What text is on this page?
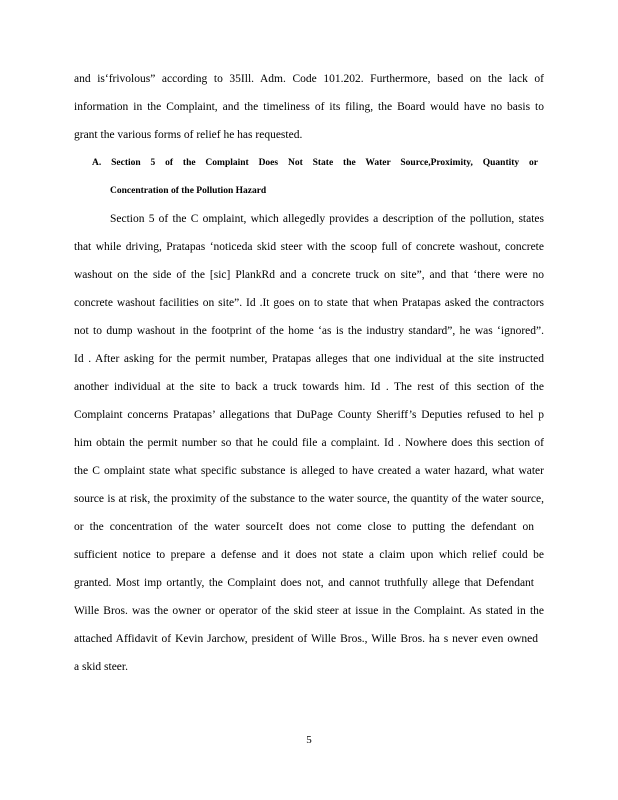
and is‘frivolous” according to 35Ill. Adm. Code 101.202. Furthermore, based on the lack of
information in the Complaint, and the timeliness of its filing, the Board would have no basis to
grant the various forms of relief he has requested.
A. Section 5 of the Complaint Does Not State the Water Source,Proximity, Quantity or
Concentration of the Pollution Hazard
Section 5 of the C omplaint, which allegedly provides a description of the pollution, states
that while driving, Pratapas ‘noticeda skid steer with the scoop full of concrete washout, concrete
washout on the side of the [sic] PlankRd and a concrete truck on site”, and that ‘there were no
concrete washout facilities on site”. Id .It goes on to state that when Pratapas asked the contractors
not to dump washout in the footprint of the home ‘as is the industry standard”, he was ‘ignored”.
Id . After asking for the permit number, Pratapas alleges that one individual at the site instructed
another individual at the site to back a truck towards him. Id . The rest of this section of the
Complaint concerns Pratapas’ allegations that DuPage County Sheriff’s Deputies refused to hel p
him obtain the permit number so that he could file a complaint. Id . Nowhere does this section of
the C omplaint state what specific substance is alleged to have created a water hazard, what water
source is at risk, the proximity of the substance to the water source, the quantity of the water source,
or the concentration of the water sourceIt does not come close to putting the defendant on
sufficient notice to prepare a defense and it does not state a claim upon which relief could be
granted. Most imp ortantly, the Complaint does not, and cannot truthfully allege that Defendant
Wille Bros. was the owner or operator of the skid steer at issue in the Complaint. As stated in the
attached Affidavit of Kevin Jarchow, president of Wille Bros., Wille Bros. ha s never even owned
a skid steer.
5
